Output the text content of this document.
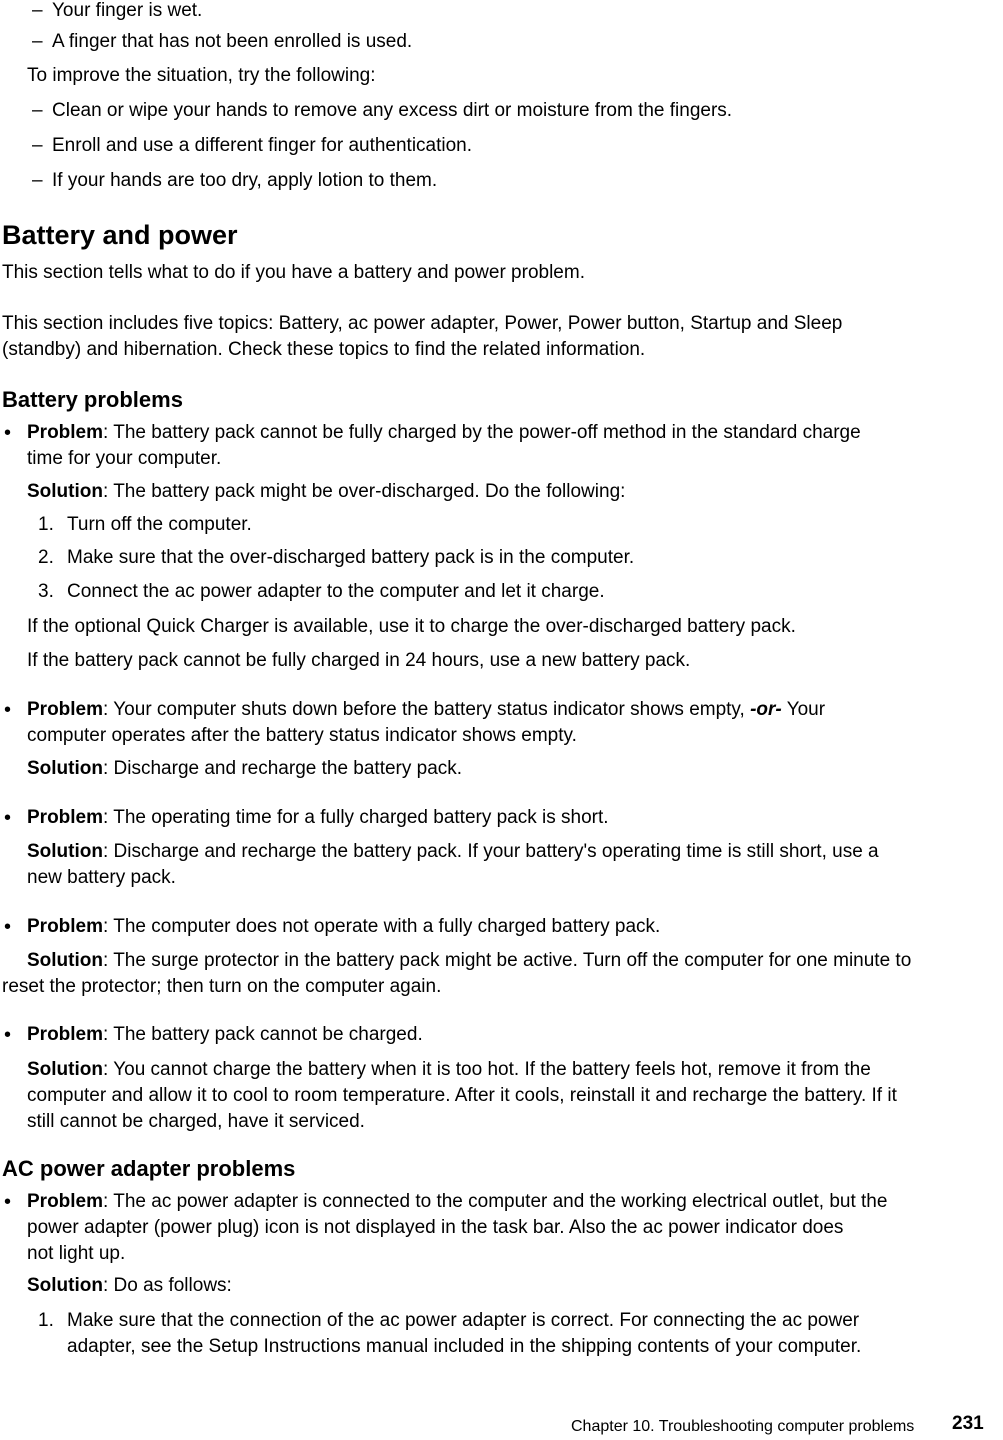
– Your finger is wet.
– A finger that has not been enrolled is used.
To improve the situation, try the following:
– Clean or wipe your hands to remove any excess dirt or moisture from the fingers.
– Enroll and use a different finger for authentication.
– If your hands are too dry, apply lotion to them.
Battery and power
This section tells what to do if you have a battery and power problem.
This section includes five topics: Battery, ac power adapter, Power, Power button, Startup and Sleep
(standby) and hibernation. Check these topics to find the related information.
Battery problems
• Problem: The battery pack cannot be fully charged by the power-off method in the standard charge
time for your computer.
Solution: The battery pack might be over-discharged. Do the following:
1. Turn off the computer.
2. Make sure that the over-discharged battery pack is in the computer.
3. Connect the ac power adapter to the computer and let it charge.
If the optional Quick Charger is available, use it to charge the over-discharged battery pack.
If the battery pack cannot be fully charged in 24 hours, use a new battery pack.
• Problem: Your computer shuts down before the battery status indicator shows empty, -or- Your
computer operates after the battery status indicator shows empty.
Solution: Discharge and recharge the battery pack.
• Problem: The operating time for a fully charged battery pack is short.
Solution: Discharge and recharge the battery pack. If your battery's operating time is still short, use a
new battery pack.
• Problem: The computer does not operate with a fully charged battery pack.
Solution: The surge protector in the battery pack might be active. Turn off the computer for one minute to
reset the protector; then turn on the computer again.
• Problem: The battery pack cannot be charged.
Solution: You cannot charge the battery when it is too hot. If the battery feels hot, remove it from the
computer and allow it to cool to room temperature. After it cools, reinstall it and recharge the battery. If it
still cannot be charged, have it serviced.
AC power adapter problems
• Problem: The ac power adapter is connected to the computer and the working electrical outlet, but the
power adapter (power plug) icon is not displayed in the task bar. Also the ac power indicator does
not light up.
Solution: Do as follows:
1. Make sure that the connection of the ac power adapter is correct. For connecting the ac power
adapter, see the Setup Instructions manual included in the shipping contents of your computer.
Chapter 10. Troubleshooting computer problems 231
